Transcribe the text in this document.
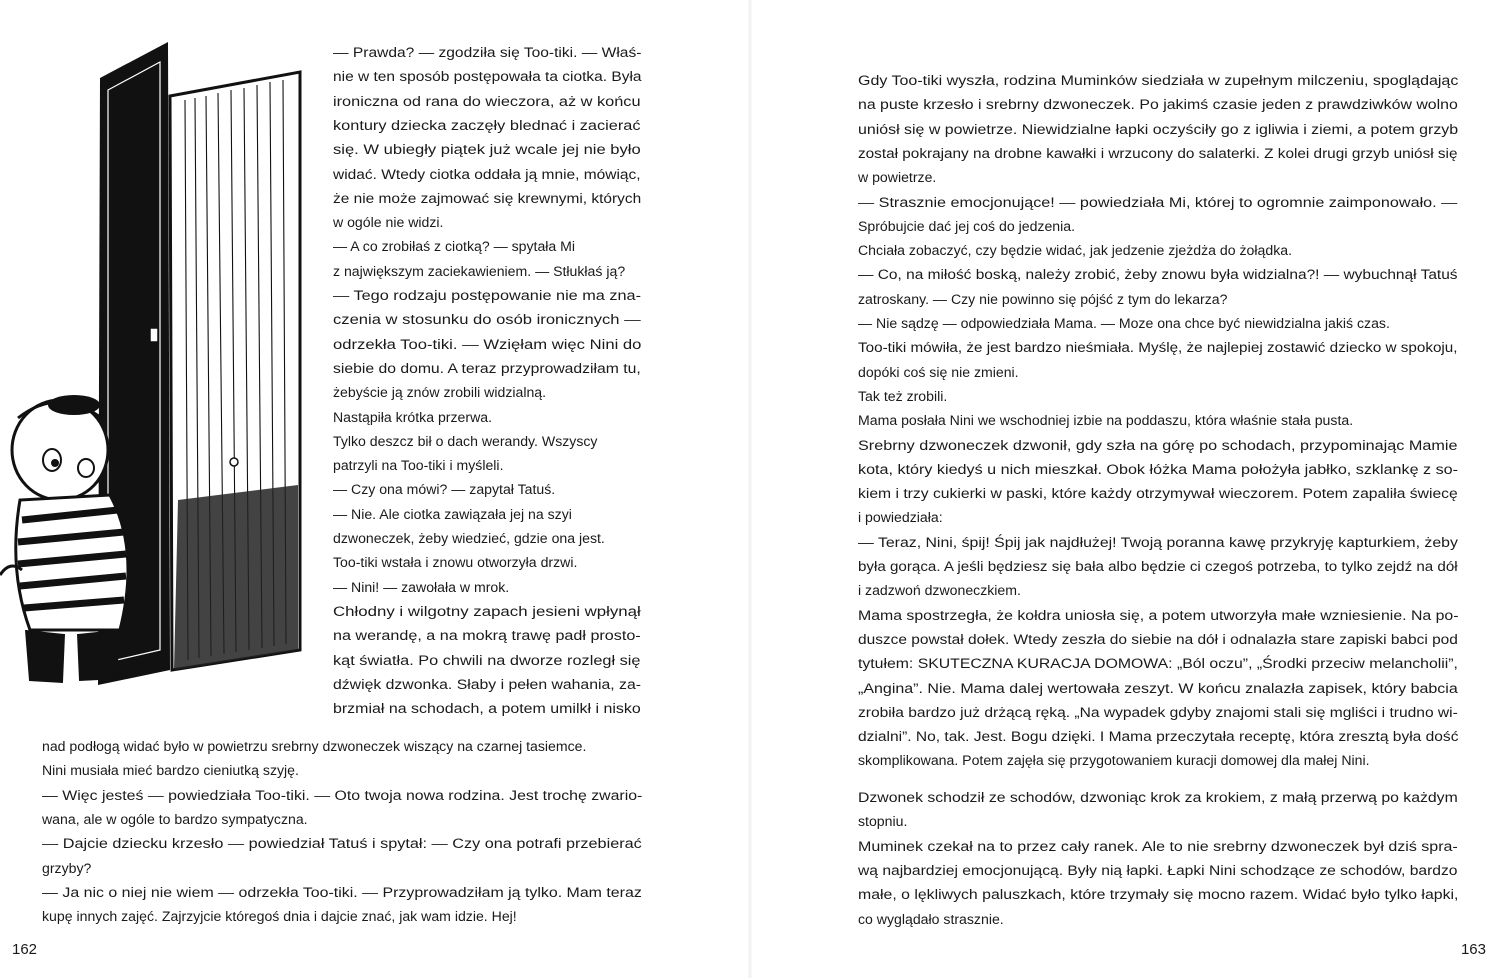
— Prawda? — zgodziła się Too-tiki. — Właś-
nie w ten sposób postępowała ta ciotka. Była
ironiczna od rana do wieczora, aż w końcu
kontury dziecka zaczęły blednać i zacierać
się. W ubiegły piątek już wcale jej nie było
widać. Wtedy ciotka oddała ją mnie, mówiąc,
że nie może zajmować się krewnymi, których
w ogóle nie widzi.
— A co zrobiłaś z ciotką? — spytała Mi
z największym zaciekawieniem. — Stłukłaś ją?
— Tego rodzaju postępowanie nie ma zna-
czenia w stosunku do osób ironicznych —
odrzekła Too-tiki. — Wzięłam więc Nini do
siebie do domu. A teraz przyprowadziłam tu,
żebyście ją znów zrobili widzialną.
Nastąpiła krótka przerwa.
Tylko deszcz bił o dach werandy. Wszyscy
patrzyli na Too-tiki i myśleli.
— Czy ona mówi? — zapytał Tatuś.
— Nie. Ale ciotka zawiązała jej na szyi
dzwoneczek, żeby wiedzieć, gdzie ona jest.
Too-tiki wstała i znowu otworzyła drzwi.
— Nini! — zawołała w mrok.
Chłodny i wilgotny zapach jesieni wpłynął
na werandę, a na mokrą trawę padł prosto-
kąt światła. Po chwili na dworze rozległ się
dźwięk dzwonka. Słaby i pełen wahania, za-
brzmiał na schodach, a potem umilkł i nisko
nad podłogą widać było w powietrzu srebrny dzwoneczek wiszący na czarnej tasiemce.
Nini musiała mieć bardzo cieniutką szyję.
— Więc jesteś — powiedziała Too-tiki. — Oto twoja nowa rodzina. Jest trochę zwario-
wana, ale w ogóle to bardzo sympatyczna.
— Dajcie dziecku krzesło — powiedział Tatuś i spytał: — Czy ona potrafi przebierać
grzyby?
— Ja nic o niej nie wiem — odrzekła Too-tiki. — Przyprowadziłam ją tylko. Mam teraz
kupę innych zajęć. Zajrzyjcie któregoś dnia i dajcie znać, jak wam idzie. Hej!
162
Gdy Too-tiki wyszła, rodzina Muminków siedziała w zupełnym milczeniu, spoglądając
na puste krzesło i srebrny dzwoneczek. Po jakimś czasie jeden z prawdziwków wolno
uniósł się w powietrze. Niewidzialne łapki oczyściły go z igliwia i ziemi, a potem grzyb
został pokrajany na drobne kawałki i wrzucony do salaterki. Z kolei drugi grzyb uniósł się
w powietrze.
— Strasznie emocjonujące! — powiedziała Mi, której to ogromnie zaimponowało. —
Spróbujcie dać jej coś do jedzenia.
Chciała zobaczyć, czy będzie widać, jak jedzenie zjeżdża do żołądka.
— Co, na miłość boską, należy zrobić, żeby znowu była widzialna?! — wybuchnął Tatuś
zatroskany. — Czy nie powinno się pójść z tym do lekarza?
— Nie sądzę — odpowiedziała Mama. — Moze ona chce być niewidzialna jakiś czas.
Too-tiki mówiła, że jest bardzo nieśmiała. Myślę, że najlepiej zostawić dziecko w spokoju,
dopóki coś się nie zmieni.
Tak też zrobili.
Mama posłała Nini we wschodniej izbie na poddaszu, która właśnie stała pusta.
Srebrny dzwoneczek dzwonił, gdy szła na górę po schodach, przypominając Mamie
kota, który kiedyś u nich mieszkał. Obok łóżka Mama położyła jabłko, szklankę z so-
kiem i trzy cukierki w paski, które każdy otrzymywał wieczorem. Potem zapaliła świecę
i powiedziała:
— Teraz, Nini, śpij! Śpij jak najdłużej! Twoją poranna kawę przykryję kapturkiem, żeby
była gorąca. A jeśli będziesz się bała albo będzie ci czegoś potrzeba, to tylko zejdź na dół
i zadzwoń dzwoneczkiem.
Mama spostrzegła, że kołdra uniosła się, a potem utworzyła małe wzniesienie. Na po-
duszce powstał dołek. Wtedy zeszła do siebie na dół i odnalazła stare zapiski babci pod
tytułem: SKUTECZNA KURACJA DOMOWA: „Ból oczu”, „Środki przeciw melancholii”,
„Angina”. Nie. Mama dalej wertowała zeszyt. W końcu znalazła zapisek, który babcia
zrobiła bardzo już drżącą ręką. „Na wypadek gdyby znajomi stali się mgliści i trudno wi-
dzialni”. No, tak. Jest. Bogu dzięki. I Mama przeczytała receptę, która zresztą była dość
skomplikowana. Potem zajęła się przygotowaniem kuracji domowej dla małej Nini.
Dzwonek schodził ze schodów, dzwoniąc krok za krokiem, z małą przerwą po każdym
stopniu.
Muminek czekał na to przez cały ranek. Ale to nie srebrny dzwoneczek był dziś spra-
wą najbardziej emocjonującą. Były nią łapki. Łapki Nini schodzące ze schodów, bardzo
małe, o lękliwych paluszkach, które trzymały się mocno razem. Widać było tylko łapki,
co wyglądało strasznie.
163
